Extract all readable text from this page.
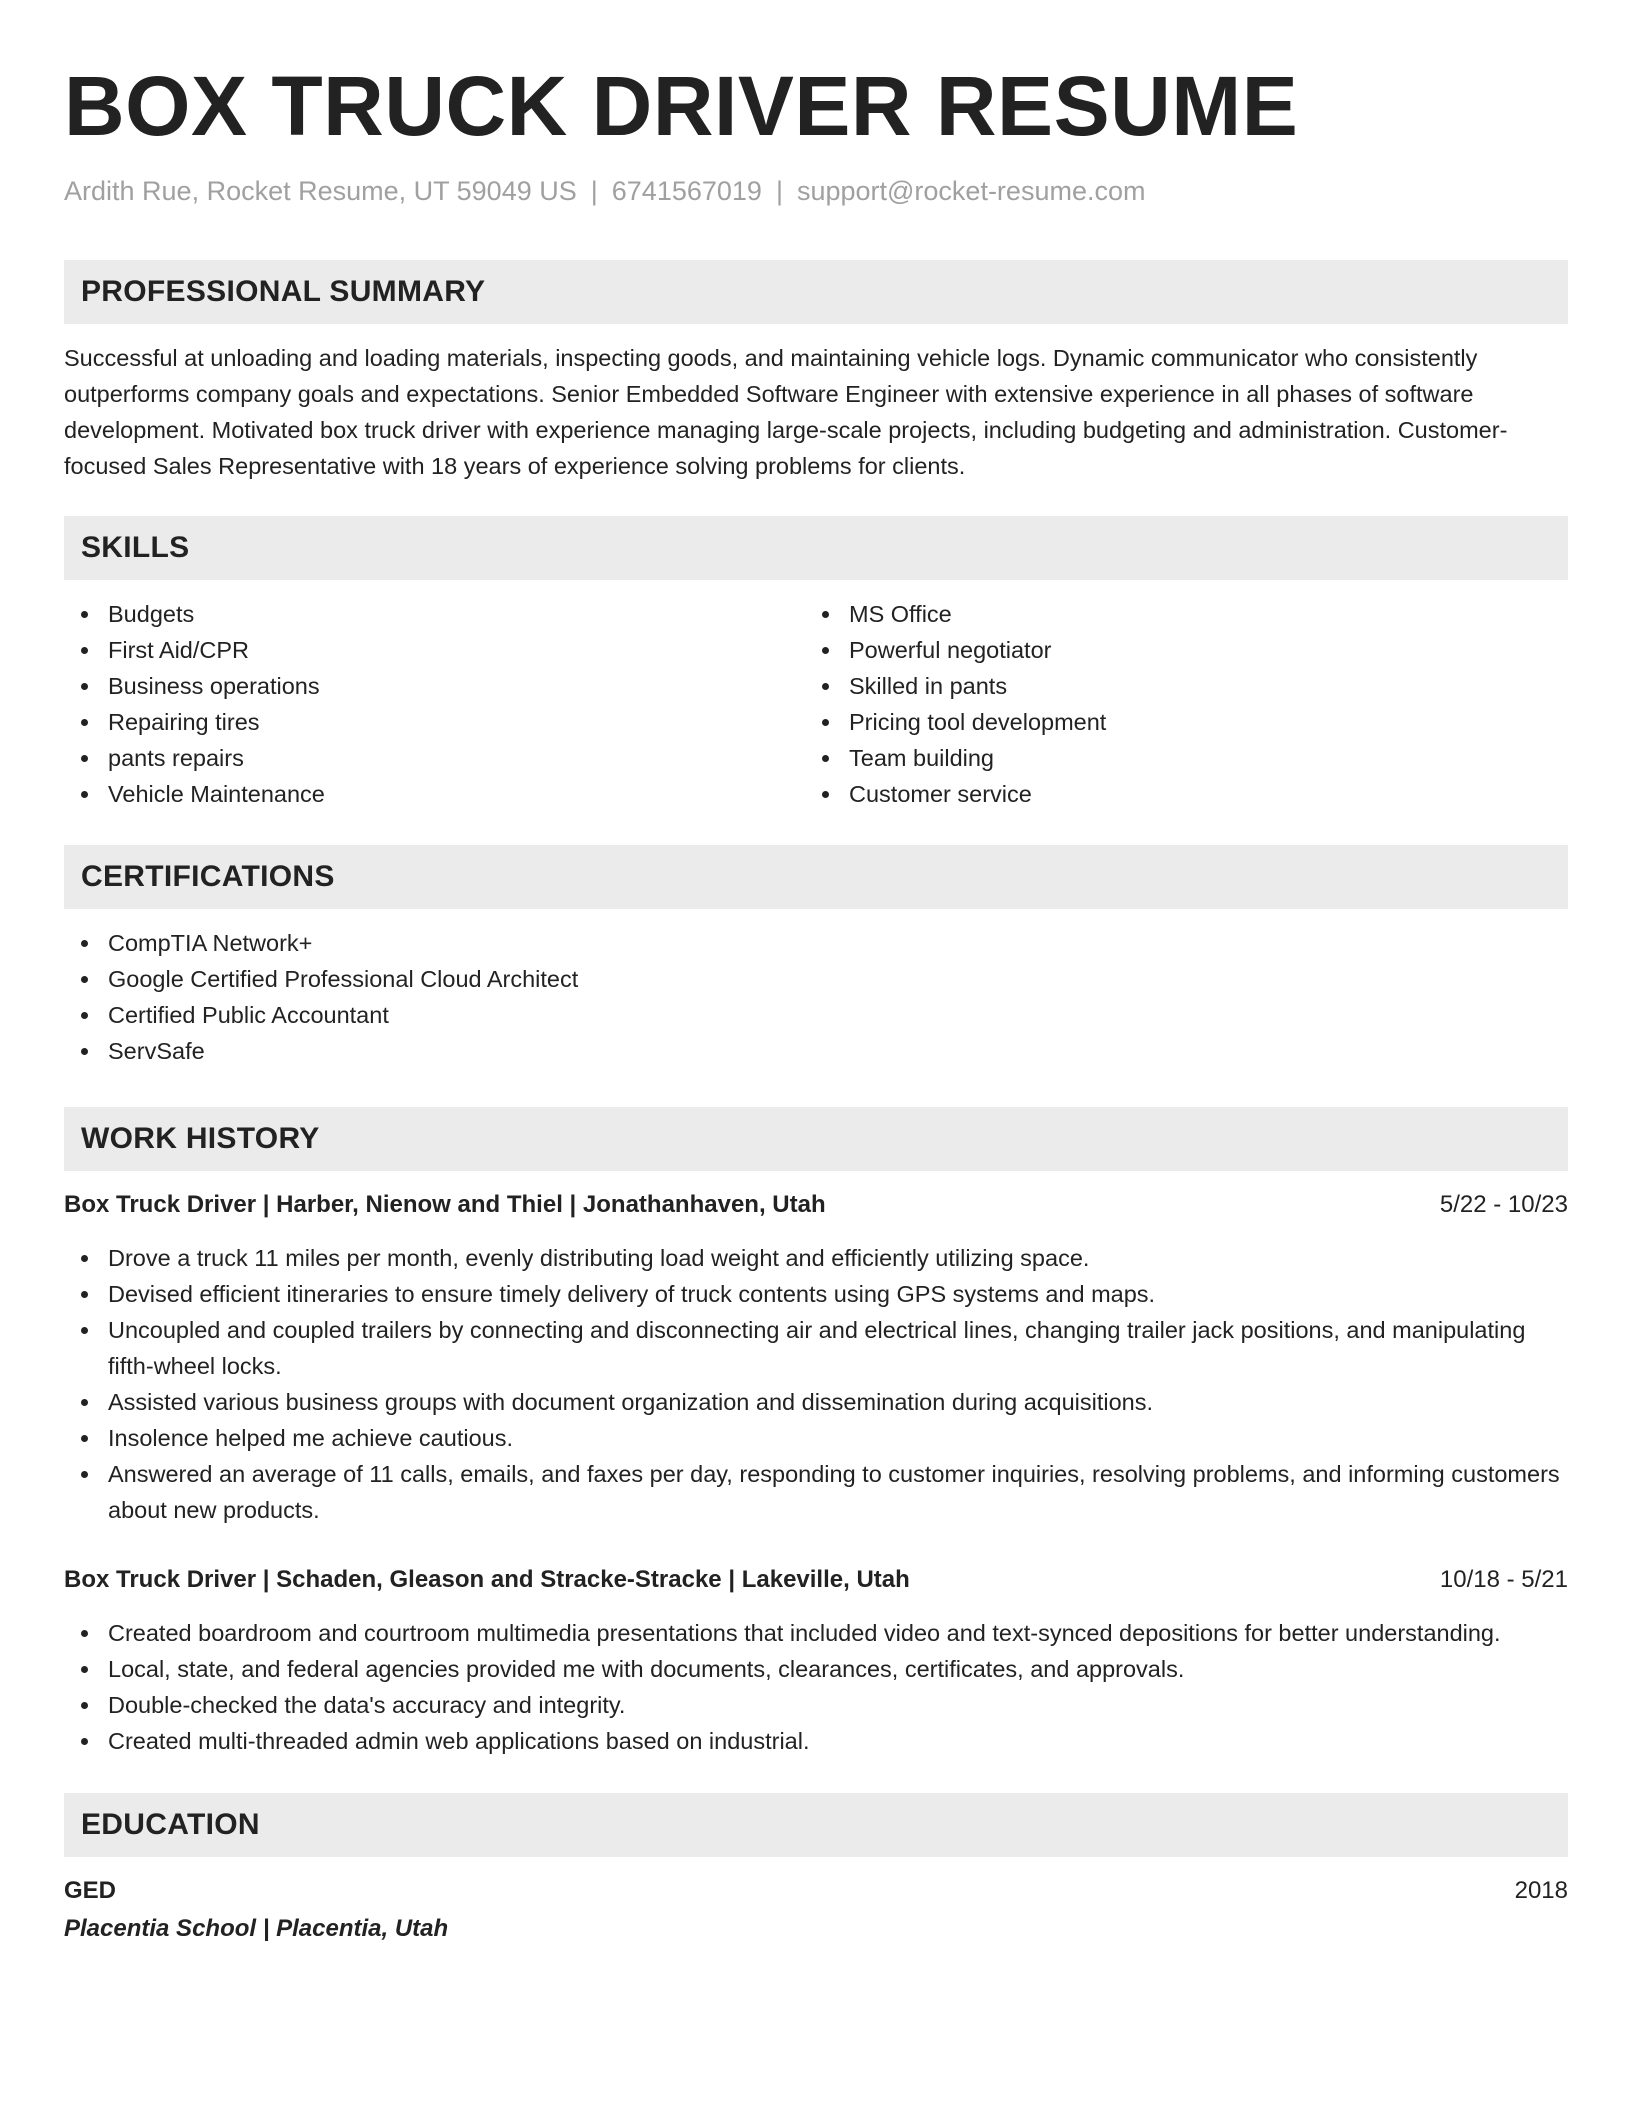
BOX TRUCK DRIVER RESUME
Ardith Rue, Rocket Resume, UT 59049 US | 6741567019 | support@rocket-resume.com
PROFESSIONAL SUMMARY

Successful at unloading and loading materials, inspecting goods, and maintaining vehicle logs. Dynamic communicator who consistently outperforms company goals and expectations. Senior Embedded Software Engineer with extensive experience in all phases of software development. Motivated box truck driver with experience managing large-scale projects, including budgeting and administration. Customer-focused Sales Representative with 18 years of experience solving problems for clients.

SKILLS
Budgets
First Aid/CPR
Business operations
Repairing tires
pants repairs
Vehicle Maintenance
MS Office
Powerful negotiator
Skilled in pants
Pricing tool development
Team building
Customer service
CERTIFICATIONS
CompTIA Network+
Google Certified Professional Cloud Architect
Certified Public Accountant
ServSafe
WORK HISTORY
Box Truck Driver | Harber, Nienow and Thiel | Jonathanhaven, Utah	5/22 - 10/23
Drove a truck 11 miles per month, evenly distributing load weight and efficiently utilizing space.
Devised efficient itineraries to ensure timely delivery of truck contents using GPS systems and maps.
Uncoupled and coupled trailers by connecting and disconnecting air and electrical lines, changing trailer jack positions, and manipulating fifth-wheel locks.
Assisted various business groups with document organization and dissemination during acquisitions.
Insolence helped me achieve cautious.
Answered an average of 11 calls, emails, and faxes per day, responding to customer inquiries, resolving problems, and informing customers about new products.
Box Truck Driver | Schaden, Gleason and Stracke-Stracke | Lakeville, Utah	10/18 - 5/21
Created boardroom and courtroom multimedia presentations that included video and text-synced depositions for better understanding.
Local, state, and federal agencies provided me with documents, clearances, certificates, and approvals.
Double-checked the data's accuracy and integrity.
Created multi-threaded admin web applications based on industrial.
EDUCATION
GED	2018
Placentia School | Placentia, Utah
